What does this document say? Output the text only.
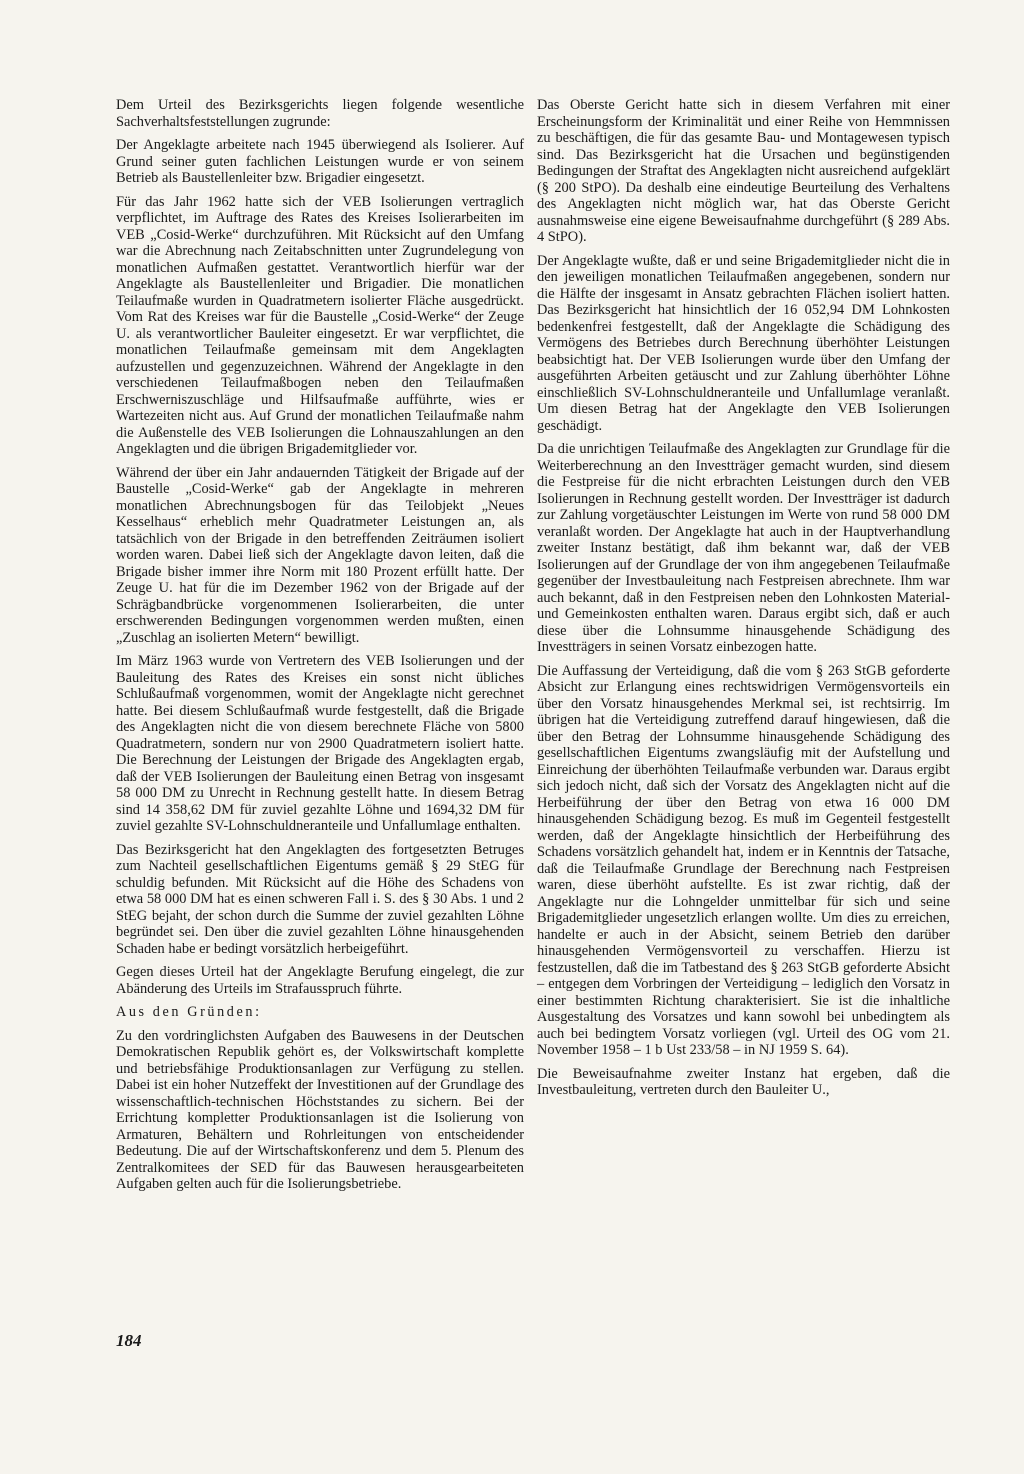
Dem Urteil des Bezirksgerichts liegen folgende wesentliche Sachverhaltsfeststellungen zugrunde:

Der Angeklagte arbeitete nach 1945 überwiegend als Isolierer. Auf Grund seiner guten fachlichen Leistungen wurde er von seinem Betrieb als Baustellenleiter bzw. Brigadier eingesetzt.

Für das Jahr 1962 hatte sich der VEB Isolierungen vertraglich verpflichtet, im Auftrage des Rates des Kreises Isolierarbeiten im VEB „Cosid-Werke“ durchzuführen. Mit Rücksicht auf den Umfang war die Abrechnung nach Zeitabschnitten unter Zugrundelegung von monatlichen Aufmaßen gestattet. Verantwortlich hierfür war der Angeklagte als Baustellenleiter und Brigadier. Die monatlichen Teilaufmaße wurden in Quadratmetern isolierter Fläche ausgedrückt. Vom Rat des Kreises war für die Baustelle „Cosid-Werke“ der Zeuge U. als verantwortlicher Bauleiter eingesetzt. Er war verpflichtet, die monatlichen Teilaufmaße gemeinsam mit dem Angeklagten aufzustellen und gegenzuzeichnen. Während der Angeklagte in den verschiedenen Teilaufmaßbogen neben den Teilaufmaßen Erschwerniszuschläge und Hilfsaufmaße aufführte, wies er Wartezeiten nicht aus. Auf Grund der monatlichen Teilaufmaße nahm die Außenstelle des VEB Isolierungen die Lohnauszahlungen an den Angeklagten und die übrigen Brigademitglieder vor.

Während der über ein Jahr andauernden Tätigkeit der Brigade auf der Baustelle „Cosid-Werke“ gab der Angeklagte in mehreren monatlichen Abrechnungsbogen für das Teilobjekt „Neues Kesselhaus“ erheblich mehr Quadratmeter Leistungen an, als tatsächlich von der Brigade in den betreffenden Zeiträumen isoliert worden waren. Dabei ließ sich der Angeklagte davon leiten, daß die Brigade bisher immer ihre Norm mit 180 Prozent erfüllt hatte. Der Zeuge U. hat für die im Dezember 1962 von der Brigade auf der Schrägbandbrücke vorgenommenen Isolierarbeiten, die unter erschwerenden Bedingungen vorgenommen werden mußten, einen „Zuschlag an isolierten Metern“ bewilligt.

Im März 1963 wurde von Vertretern des VEB Isolierungen und der Bauleitung des Rates des Kreises ein sonst nicht übliches Schlußaufmaß vorgenommen, womit der Angeklagte nicht gerechnet hatte. Bei diesem Schlußaufmaß wurde festgestellt, daß die Brigade des Angeklagten nicht die von diesem berechnete Fläche von 5800 Quadratmetern, sondern nur von 2900 Quadratmetern isoliert hatte. Die Berechnung der Leistungen der Brigade des Angeklagten ergab, daß der VEB Isolierungen der Bauleitung einen Betrag von insgesamt 58 000 DM zu Unrecht in Rechnung gestellt hatte. In diesem Betrag sind 14 358,62 DM für zuviel gezahlte Löhne und 1694,32 DM für zuviel gezahlte SV-Lohnschuldneranteile und Unfallumlage enthalten.

Das Bezirksgericht hat den Angeklagten des fortgesetzten Betruges zum Nachteil gesellschaftlichen Eigentums gemäß § 29 StEG für schuldig befunden. Mit Rücksicht auf die Höhe des Schadens von etwa 58 000 DM hat es einen schweren Fall i. S. des § 30 Abs. 1 und 2 StEG bejaht, der schon durch die Summe der zuviel gezahlten Löhne begründet sei. Den über die zuviel gezahlten Löhne hinausgehenden Schaden habe er bedingt vorsätzlich herbeigeführt.

Gegen dieses Urteil hat der Angeklagte Berufung eingelegt, die zur Abänderung des Urteils im Strafausspruch führte.

Aus den Gründen:

Zu den vordringlichsten Aufgaben des Bauwesens in der Deutschen Demokratischen Republik gehört es, der Volkswirtschaft komplette und betriebsfähige Produktionsanlagen zur Verfügung zu stellen. Dabei ist ein hoher Nutzeffekt der Investitionen auf der Grundlage des wissenschaftlich-technischen Höchststandes zu sichern. Bei der Errichtung kompletter Produktionsanlagen ist die Isolierung von Armaturen, Behältern und Rohrleitungen von entscheidender Bedeutung. Die auf der Wirtschaftskonferenz und dem 5. Plenum des Zentralkomitees der SED für das Bauwesen herausgearbeiteten Aufgaben gelten auch für die Isolierungsbetriebe.

Das Oberste Gericht hatte sich in diesem Verfahren mit einer Erscheinungsform der Kriminalität und einer Reihe von Hemmnissen zu beschäftigen, die für das gesamte Bau- und Montagewesen typisch sind. Das Bezirksgericht hat die Ursachen und begünstigenden Bedingungen der Straftat des Angeklagten nicht ausreichend aufgeklärt (§ 200 StPO). Da deshalb eine eindeutige Beurteilung des Verhaltens des Angeklagten nicht möglich war, hat das Oberste Gericht ausnahmsweise eine eigene Beweisaufnahme durchgeführt (§ 289 Abs. 4 StPO).

Der Angeklagte wußte, daß er und seine Brigademitglieder nicht die in den jeweiligen monatlichen Teilaufmaßen angegebenen, sondern nur die Hälfte der insgesamt in Ansatz gebrachten Flächen isoliert hatten. Das Bezirksgericht hat hinsichtlich der 16 052,94 DM Lohnkosten bedenkenfrei festgestellt, daß der Angeklagte die Schädigung des Vermögens des Betriebes durch Berechnung überhöhter Leistungen beabsichtigt hat. Der VEB Isolierungen wurde über den Umfang der ausgeführten Arbeiten getäuscht und zur Zahlung überhöhter Löhne einschließlich SV-Lohnschuldneranteile und Unfallumlage veranlaßt. Um diesen Betrag hat der Angeklagte den VEB Isolierungen geschädigt.

Da die unrichtigen Teilaufmaße des Angeklagten zur Grundlage für die Weiterberechnung an den Investträger gemacht wurden, sind diesem die Festpreise für die nicht erbrachten Leistungen durch den VEB Isolierungen in Rechnung gestellt worden. Der Investträger ist dadurch zur Zahlung vorgetäuschter Leistungen im Werte von rund 58 000 DM veranlaßt worden. Der Angeklagte hat auch in der Hauptverhandlung zweiter Instanz bestätigt, daß ihm bekannt war, daß der VEB Isolierungen auf der Grundlage der von ihm angegebenen Teilaufmaße gegenüber der Investbauleitung nach Festpreisen abrechnete. Ihm war auch bekannt, daß in den Festpreisen neben den Lohnkosten Material- und Gemeinkosten enthalten waren. Daraus ergibt sich, daß er auch diese über die Lohnsumme hinausgehende Schädigung des Investträgers in seinen Vorsatz einbezogen hatte.

Die Auffassung der Verteidigung, daß die vom § 263 StGB geforderte Absicht zur Erlangung eines rechtswidrigen Vermögensvorteils ein über den Vorsatz hinausgehendes Merkmal sei, ist rechtsirrig. Im übrigen hat die Verteidigung zutreffend darauf hingewiesen, daß die über den Betrag der Lohnsumme hinausgehende Schädigung des gesellschaftlichen Eigentums zwangsläufig mit der Aufstellung und Einreichung der überhöhten Teilaufmaße verbunden war. Daraus ergibt sich jedoch nicht, daß sich der Vorsatz des Angeklagten nicht auf die Herbeiführung der über den Betrag von etwa 16 000 DM hinausgehenden Schädigung bezog. Es muß im Gegenteil festgestellt werden, daß der Angeklagte hinsichtlich der Herbeiführung des Schadens vorsätzlich gehandelt hat, indem er in Kenntnis der Tatsache, daß die Teilaufmaße Grundlage der Berechnung nach Festpreisen waren, diese überhöht aufstellte. Es ist zwar richtig, daß der Angeklagte nur die Lohngelder unmittelbar für sich und seine Brigademitglieder ungesetzlich erlangen wollte. Um dies zu erreichen, handelte er auch in der Absicht, seinem Betrieb den darüber hinausgehenden Vermögensvorteil zu verschaffen. Hierzu ist festzustellen, daß die im Tatbestand des § 263 StGB geforderte Absicht – entgegen dem Vorbringen der Verteidigung – lediglich den Vorsatz in einer bestimmten Richtung charakterisiert. Sie ist die inhaltliche Ausgestaltung des Vorsatzes und kann sowohl bei unbedingtem als auch bei bedingtem Vorsatz vorliegen (vgl. Urteil des OG vom 21. November 1958 – 1 b Ust 233/58 – in NJ 1959 S. 64).

Die Beweisaufnahme zweiter Instanz hat ergeben, daß die Investbauleitung, vertreten durch den Bauleiter U.,

184
